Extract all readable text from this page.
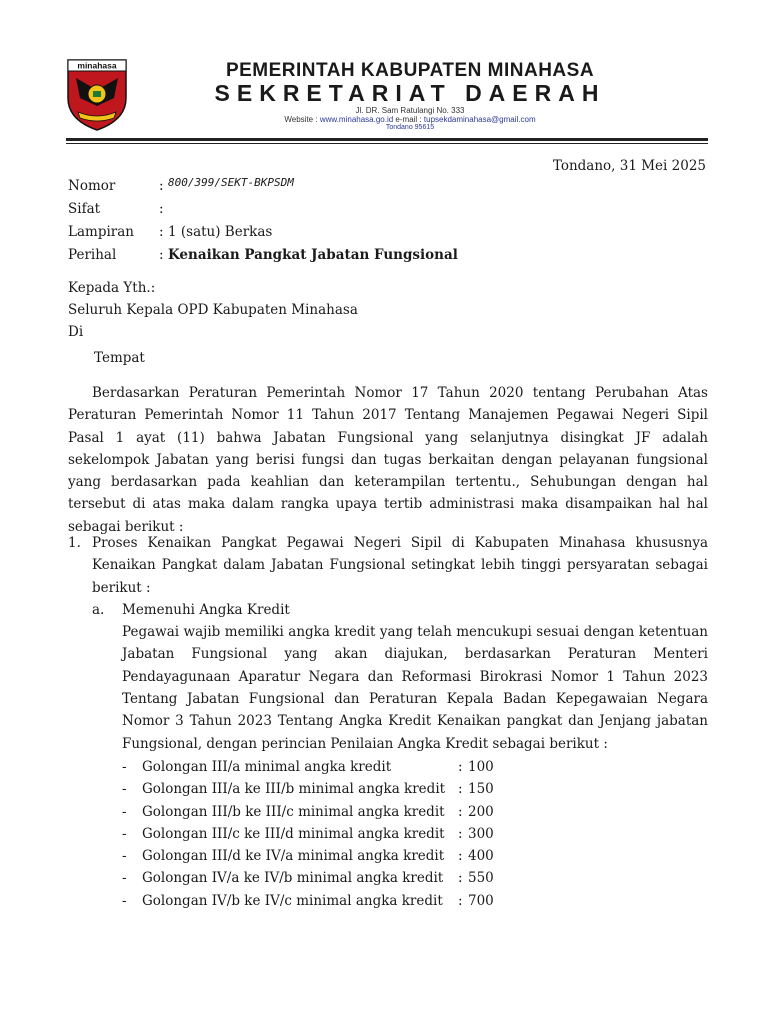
minahasa	PEMERINTAH KABUPATEN MINAHASA
SEKRETARIAT DAERAH
Jl. DR. Sam Ratulangi No. 333
Website : www.minahasa.go.id e-mail : tupsekdaminahasa@gmail.com
Tondano 95615
Tondano, 31 Mei 2025
Nomor	: 800/399/SEKT-BKPSDM
Sifat	:
Lampiran	: 1 (satu) Berkas
Perihal	: Kenaikan Pangkat Jabatan Fungsional
Kepada Yth.:
Seluruh Kepala OPD Kabupaten Minahasa
Di
Tempat
Berdasarkan Peraturan Pemerintah Nomor 17 Tahun 2020 tentang Perubahan Atas Peraturan Pemerintah Nomor 11 Tahun 2017 Tentang Manajemen Pegawai Negeri Sipil Pasal 1 ayat (11) bahwa Jabatan Fungsional yang selanjutnya disingkat JF adalah sekelompok Jabatan yang berisi fungsi dan tugas berkaitan dengan pelayanan fungsional yang berdasarkan pada keahlian dan keterampilan tertentu., Sehubungan dengan hal tersebut di atas maka dalam rangka upaya tertib administrasi maka disampaikan hal hal sebagai berikut :
1. Proses Kenaikan Pangkat Pegawai Negeri Sipil di Kabupaten Minahasa khususnya Kenaikan Pangkat dalam Jabatan Fungsional setingkat lebih tinggi persyaratan sebagai berikut :
a. Memenuhi Angka Kredit
Pegawai wajib memiliki angka kredit yang telah mencukupi sesuai dengan ketentuan Jabatan Fungsional yang akan diajukan, berdasarkan Peraturan Menteri Pendayagunaan Aparatur Negara dan Reformasi Birokrasi Nomor 1 Tahun 2023 Tentang Jabatan Fungsional dan Peraturan Kepala Badan Kepegawaian Negara Nomor 3 Tahun 2023 Tentang Angka Kredit Kenaikan pangkat dan Jenjang jabatan Fungsional, dengan perincian Penilaian Angka Kredit sebagai berikut :
- Golongan III/a minimal angka kredit	: 100
- Golongan III/a ke III/b minimal angka kredit : 150
- Golongan III/b ke III/c minimal angka kredit : 200
- Golongan III/c ke III/d minimal angka kredit : 300
- Golongan III/d ke IV/a minimal angka kredit : 400
- Golongan IV/a ke IV/b minimal angka kredit : 550
- Golongan IV/b ke IV/c minimal angka kredit : 700
